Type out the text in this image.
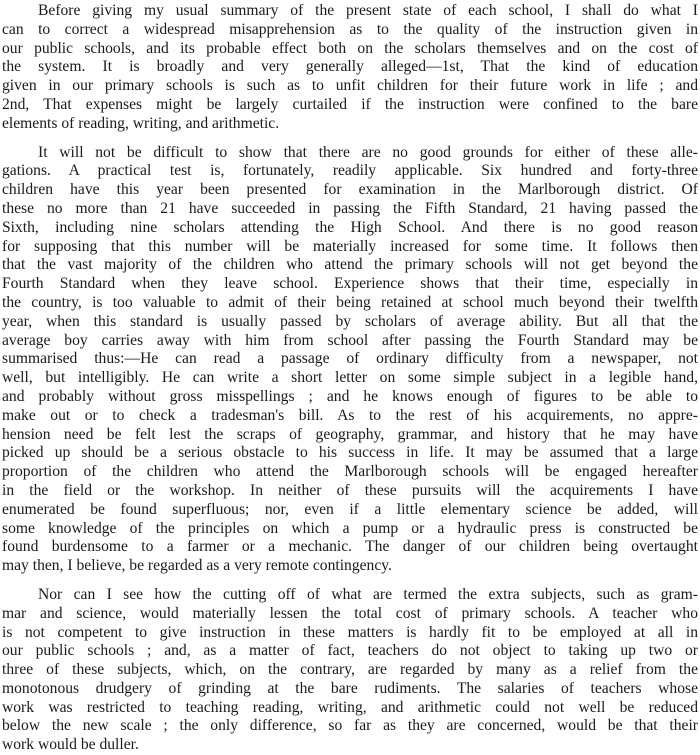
Before giving my usual summary of the present state of each school, I shall do what I
can to correct a widespread misapprehension as to the quality of the instruction given in
our public schools, and its probable effect both on the scholars themselves and on the cost of
the system. It is broadly and very generally alleged—1st, That the kind of education
given in our primary schools is such as to unfit children for their future work in life ; and
2nd, That expenses might be largely curtailed if the instruction were confined to the bare
elements of reading, writing, and arithmetic.
It will not be difficult to show that there are no good grounds for either of these alle-
gations. A practical test is, fortunately, readily applicable. Six hundred and forty-three
children have this year been presented for examination in the Marlborough district. Of
these no more than 21 have succeeded in passing the Fifth Standard, 21 having passed the
Sixth, including nine scholars attending the High School. And there is no good reason
for supposing that this number will be materially increased for some time. It follows then
that the vast majority of the children who attend the primary schools will not get beyond the
Fourth Standard when they leave school. Experience shows that their time, especially in
the country, is too valuable to admit of their being retained at school much beyond their twelfth
year, when this standard is usually passed by scholars of average ability. But all that the
average boy carries away with him from school after passing the Fourth Standard may be
summarised thus:—He can read a passage of ordinary difficulty from a newspaper, not
well, but intelligibly. He can write a short letter on some simple subject in a legible hand,
and probably without gross misspellings ; and he knows enough of figures to be able to
make out or to check a tradesman's bill. As to the rest of his acquirements, no appre-
hension need be felt lest the scraps of geography, grammar, and history that he may have
picked up should be a serious obstacle to his success in life. It may be assumed that a large
proportion of the children who attend the Marlborough schools will be engaged hereafter
in the field or the workshop. In neither of these pursuits will the acquirements I have
enumerated be found superfluous; nor, even if a little elementary science be added, will
some knowledge of the principles on which a pump or a hydraulic press is constructed be
found burdensome to a farmer or a mechanic. The danger of our children being overtaught
may then, I believe, be regarded as a very remote contingency.
Nor can I see how the cutting off of what are termed the extra subjects, such as gram-
mar and science, would materially lessen the total cost of primary schools. A teacher who
is not competent to give instruction in these matters is hardly fit to be employed at all in
our public schools ; and, as a matter of fact, teachers do not object to taking up two or
three of these subjects, which, on the contrary, are regarded by many as a relief from the
monotonous drudgery of grinding at the bare rudiments. The salaries of teachers whose
work was restricted to teaching reading, writing, and arithmetic could not well be reduced
below the new scale ; the only difference, so far as they are concerned, would be that their
work would be duller.
